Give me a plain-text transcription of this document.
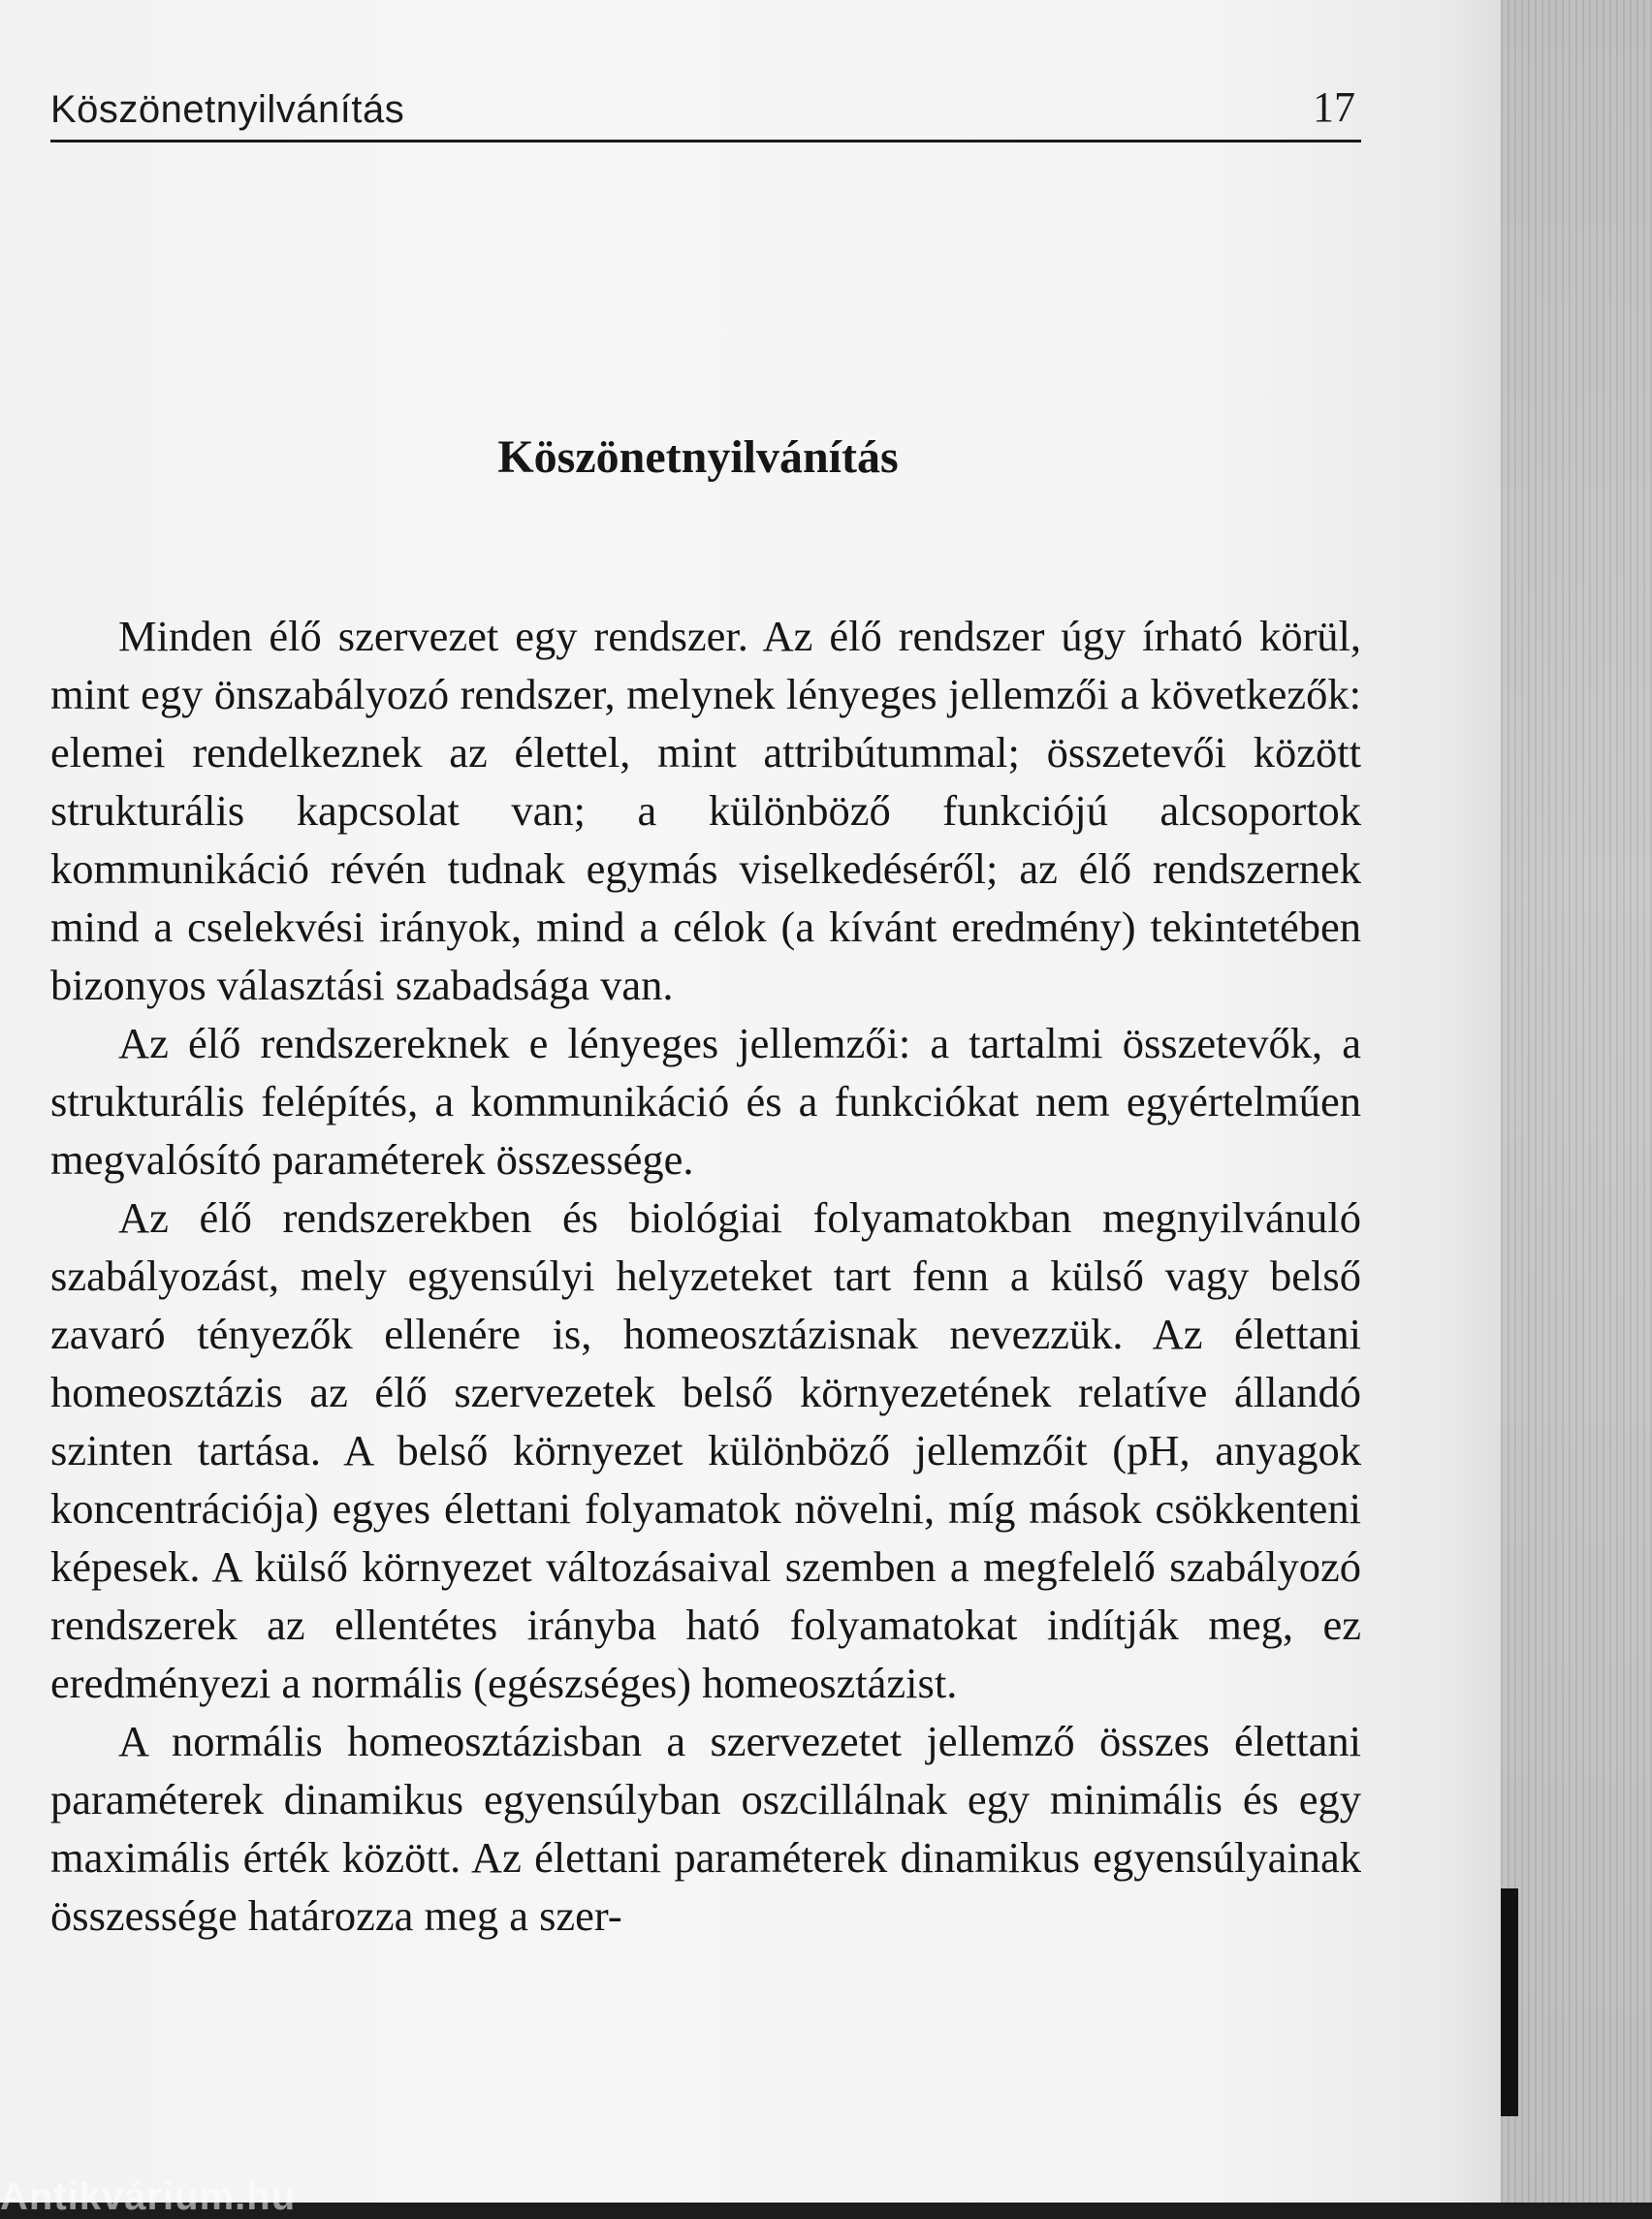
Köszönetnyilvánítás	17
Köszönetnyilvánítás

Minden élő szervezet egy rendszer. Az élő rendszer úgy írható körül, mint egy önszabályozó rendszer, melynek lényeges jellemzői a következők: elemei rendelkeznek az élettel, mint attribútummal; összetevői között strukturális kapcsolat van; a különböző funkciójú alcsoportok kommunikáció révén tudnak egymás viselkedéséről; az élő rendszernek mind a cselekvési irányok, mind a célok (a kívánt eredmény) tekintetében bizonyos választási szabadsága van.

Az élő rendszereknek e lényeges jellemzői: a tartalmi összetevők, a strukturális felépítés, a kommunikáció és a funkciókat nem egyértelműen megvalósító paraméterek összessége.

Az élő rendszerekben és biológiai folyamatokban megnyilvánuló szabályozást, mely egyensúlyi helyzeteket tart fenn a külső vagy belső zavaró tényezők ellenére is, homeosztázisnak nevezzük. Az élettani homeosztázis az élő szervezetek belső környezetének relatíve állandó szinten tartása. A belső környezet különböző jellemzőit (pH, anyagok koncentrációja) egyes élettani folyamatok növelni, míg mások csökkenteni képesek. A külső környezet változásaival szemben a megfelelő szabályozó rendszerek az ellentétes irányba ható folyamatokat indítják meg, ez eredményezi a normális (egészséges) homeosztázist.

A normális homeosztázisban a szervezetet jellemző összes élettani paraméterek dinamikus egyensúlyban oszcillálnak egy minimális és egy maximális érték között. Az élettani paraméterek dinamikus egyensúlyainak összessége határozza meg a szer-

Antikvárium.hu
